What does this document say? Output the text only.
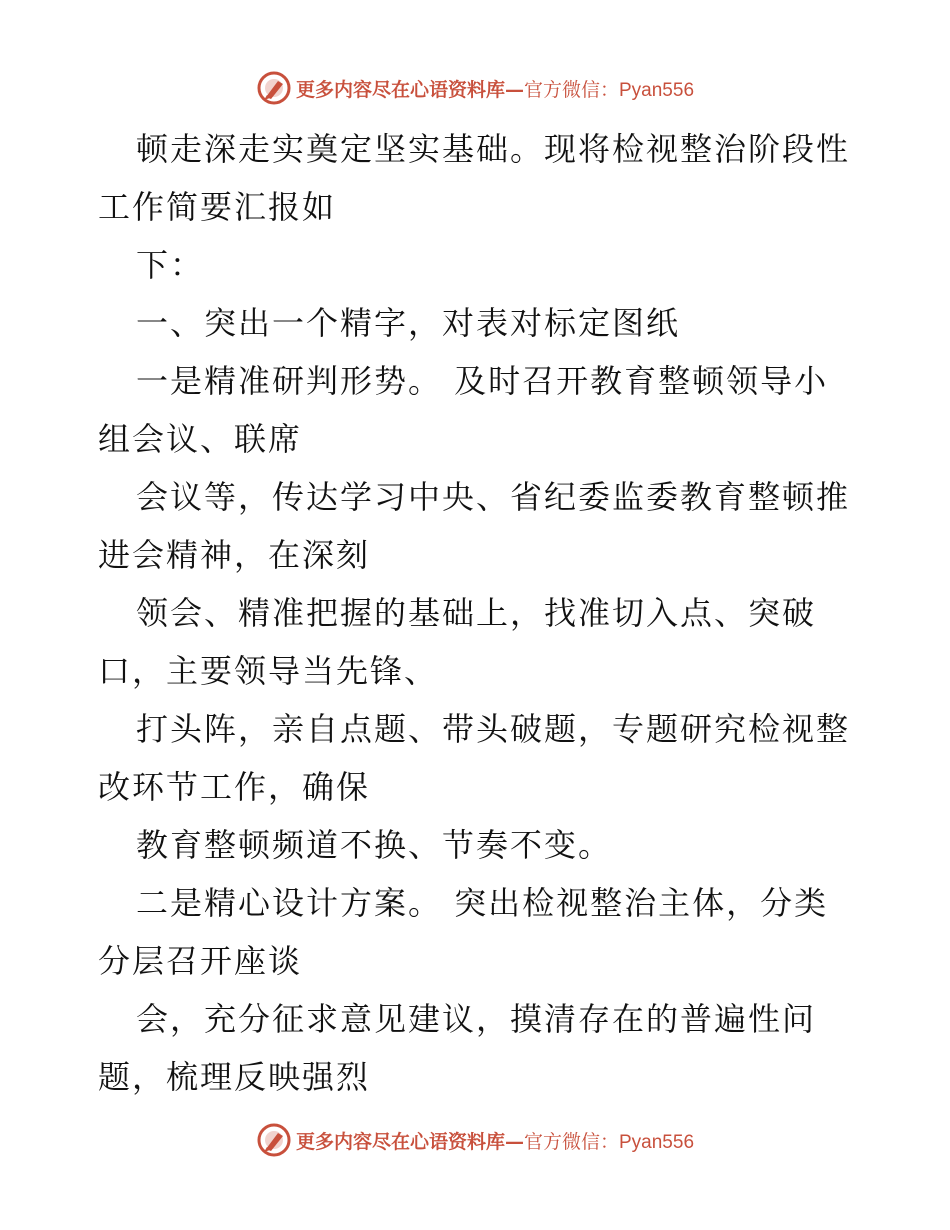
更多内容尽在心语资料库—官方微信：Pyan556
顿走深走实奠定坚实基础。现将检视整治阶段性
工作简要汇报如
下：
一、突出一个精字，对表对标定图纸
一是精准研判形势。 及时召开教育整顿领导小
组会议、联席
会议等，传达学习中央、省纪委监委教育整顿推
进会精神，在深刻
领会、精准把握的基础上，找准切入点、突破
口，主要领导当先锋、
打头阵，亲自点题、带头破题，专题研究检视整
改环节工作，确保
教育整顿频道不换、节奏不变。
二是精心设计方案。 突出检视整治主体，分类
分层召开座谈
会，充分征求意见建议，摸清存在的普遍性问
题，梳理反映强烈
更多内容尽在心语资料库—官方微信：Pyan556
